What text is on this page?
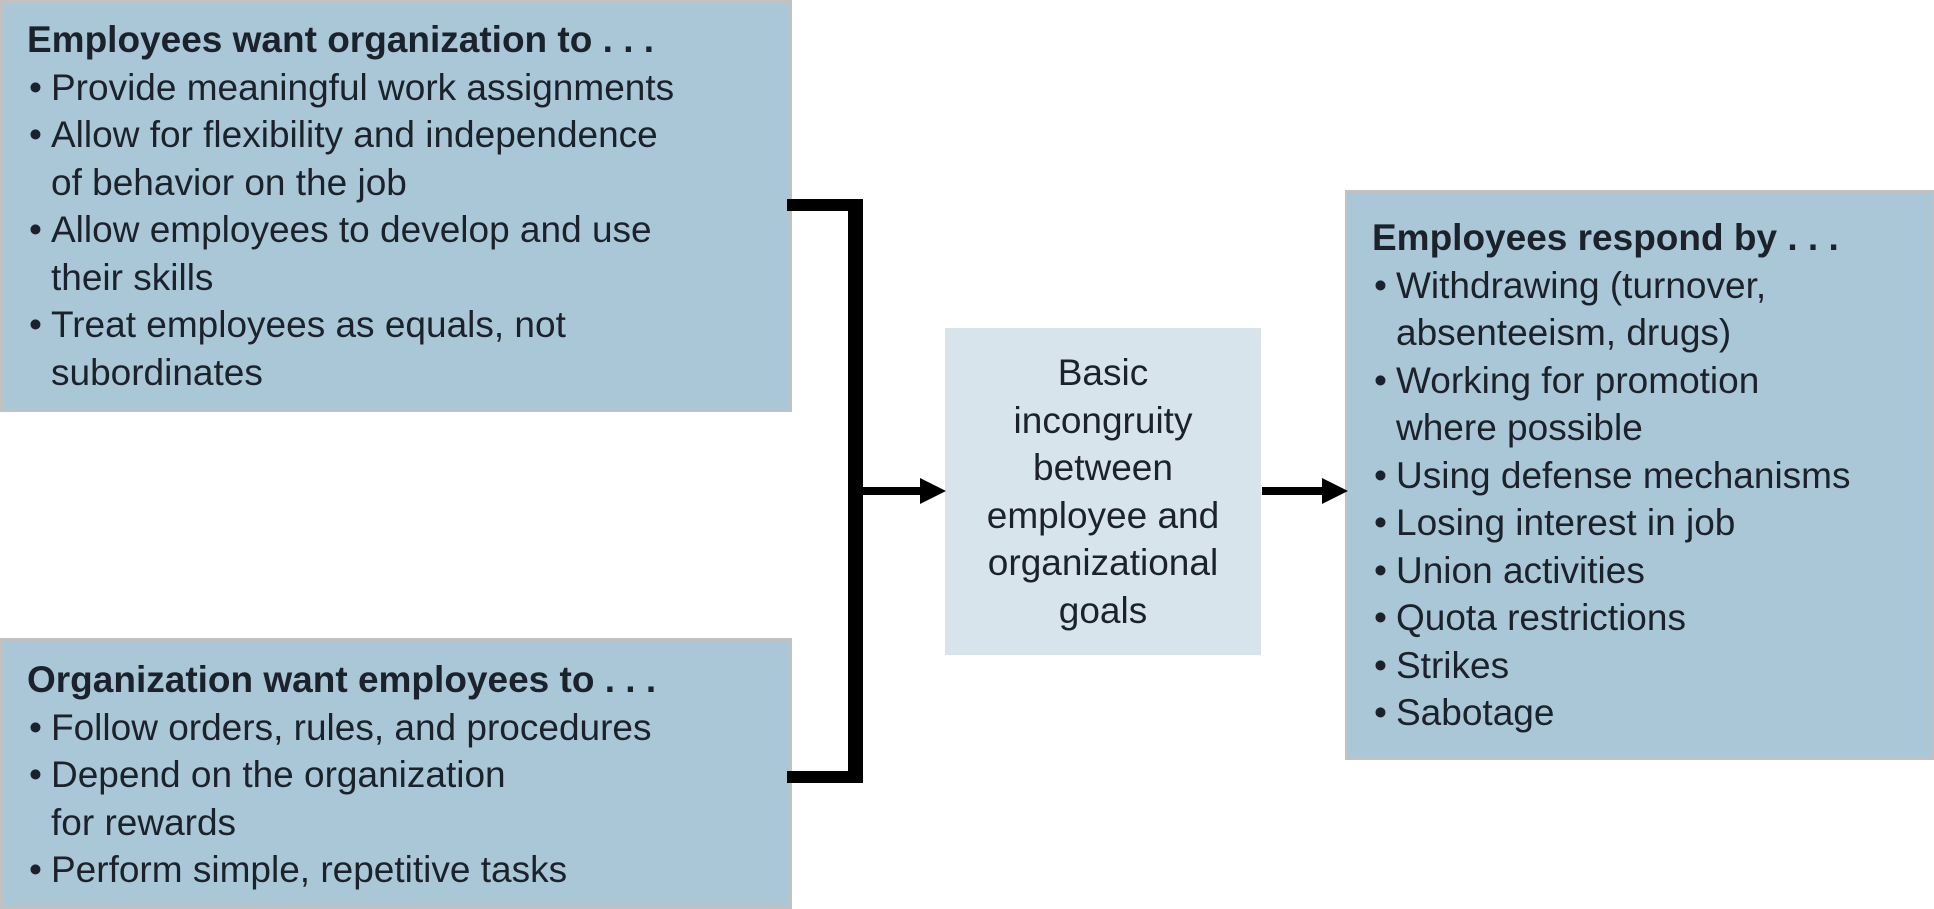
Employees want organization to . . .
• Provide meaningful work assignments
• Allow for flexibility and independence
of behavior on the job
• Allow employees to develop and use
their skills
• Treat employees as equals, not
subordinates
Organization want employees to . . .
• Follow orders, rules, and procedures
• Depend on the organization
for rewards
• Perform simple, repetitive tasks
Basic
incongruity
between
employee and
organizational
goals
Employees respond by . . .
• Withdrawing (turnover,
absenteeism, drugs)
• Working for promotion
where possible
• Using defense mechanisms
• Losing interest in job
• Union activities
• Quota restrictions
• Strikes
• Sabotage
